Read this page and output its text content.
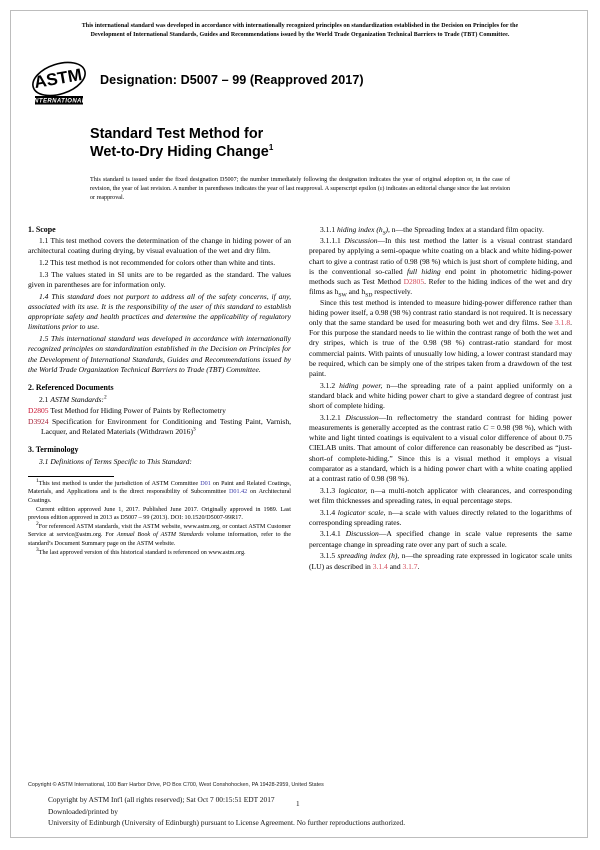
This international standard was developed in accordance with internationally recognized principles on standardization established in the Decision on Principles for the
Development of International Standards, Guides and Recommendations issued by the World Trade Organization Technical Barriers to Trade (TBT) Committee.
ASTM
INTERNATIONAL
Designation: D5007 – 99 (Reapproved 2017)
Standard Test Method for
Wet-to-Dry Hiding Change$^1$
This standard is issued under the fixed designation D5007; the number immediately following the designation indicates the year of original adoption or, in the case of revision, the year of last revision. A number in parentheses indicates the year of last reapproval. A superscript epsilon (ε) indicates an editorial change since the last revision or reapproval.

1. Scope

1.1 This test method covers the determination of the change in hiding power of an architectural coating during drying, by visual evaluation of the wet and dry film.

1.2 This test method is not recommended for colors other than white and tints.

1.3 The values stated in SI units are to be regarded as the standard. The values given in parentheses are for information only.

1.4 This standard does not purport to address all of the safety concerns, if any, associated with its use. It is the responsibility of the user of this standard to establish appropriate safety and health practices and determine the applicability of regulatory limitations prior to use.

1.5 This international standard was developed in accordance with internationally recognized principles on standardization established in the Decision on Principles for the Development of International Standards, Guides and Recommendations issued by the World Trade Organization Technical Barriers to Trade (TBT) Committee.

2. Referenced Documents

2.1 ASTM Standards:$^2$

D2805 Test Method for Hiding Power of Paints by Reflectometry

D3924 Specification for Environment for Conditioning and Testing Paint, Varnish, Lacquer, and Related Materials (Withdrawn 2016)$^3$

3. Terminology

3.1 Definitions of Terms Specific to This Standard:

$^1$This test method is under the jurisdiction of ASTM Committee D01 on Paint and Related Coatings, Materials, and Applications and is the direct responsibility of Subcommittee D01.42 on Architectural Coatings.

Current edition approved June 1, 2017. Published June 2017. Originally approved in 1989. Last previous edition approved in 2013 as D5007 – 99 (2013). DOI: 10.1520/D5007-99R17.

$^2$For referenced ASTM standards, visit the ASTM website, www.astm.org, or contact ASTM Customer Service at service@astm.org. For Annual Book of ASTM Standards volume information, refer to the standard’s Document Summary page on the ASTM website.

$^3$The last approved version of this historical standard is referenced on www.astm.org.

3.1.1 hiding index $(h_S)$, n—the Spreading Index at a standard film opacity.

3.1.1.1 Discussion—In this test method the latter is a visual contrast standard prepared by applying a semi-opaque white coating on a black and white hiding-power chart to give a contrast ratio of 0.98 (98 %) which is just short of complete hiding, and is the conventional so-called full hiding end point in photometric hiding-power methods such as Test Method D2805. Refer to the hiding indices of the wet and dry films as $h_{SW}$ and $h_{SD}$ respectively.

Since this test method is intended to measure hiding-power difference rather than hiding power itself, a 0.98 (98 %) contrast ratio standard is not required. It is necessary only that the same standard be used for measuring both wet and dry films. See 3.1.8. For this purpose the standard needs to lie within the contrast range of both the wet and dry stripes, which is true of the 0.98 (98 %) contrast-ratio standard for most commercial paints. With paints of unusually low hiding, a lower contrast standard may be required, which can be simply one of the stripes taken from a drawdown of the test paint.

3.1.2 hiding power, n—the spreading rate of a paint applied uniformly on a standard black and white hiding power chart to give a standard degree of contrast just short of complete hiding.

3.1.2.1 Discussion—In reflectometry the standard contrast for hiding power measurements is generally accepted as the contrast ratio C = 0.98 (98 %), which with white and light tinted coatings is equivalent to a visual color difference of about 0.75 CIELAB units. That amount of color difference can reasonably be described as “just-short-of complete-hiding.” Since this is a visual method it employs a visual comparator as a standard, which is a hiding power chart with a white coating applied at a contrast ratio of 0.98 (98 %).

3.1.3 logicator, n—a multi-notch applicator with clearances, and corresponding wet film thicknesses and spreading rates, in equal percentage steps.

3.1.4 logicator scale, n—a scale with values directly related to the logarithms of corresponding spreading rates.

3.1.4.1 Discussion—A specified change in scale value represents the same percentage change in spreading rate over any part of such a scale.

3.1.5 spreading index (h), n—the spreading rate expressed in logicator scale units (LU) as described in 3.1.4 and 3.1.7.

Copyright © ASTM International, 100 Barr Harbor Drive, PO Box C700, West Conshohocken, PA 19428-2959, United States
Copyright by ASTM Int'l (all rights reserved); Sat Oct 7 00:15:51 EDT 2017
Downloaded/printed by
University of Edinburgh (University of Edinburgh) pursuant to License Agreement. No further reproductions authorized.
1
